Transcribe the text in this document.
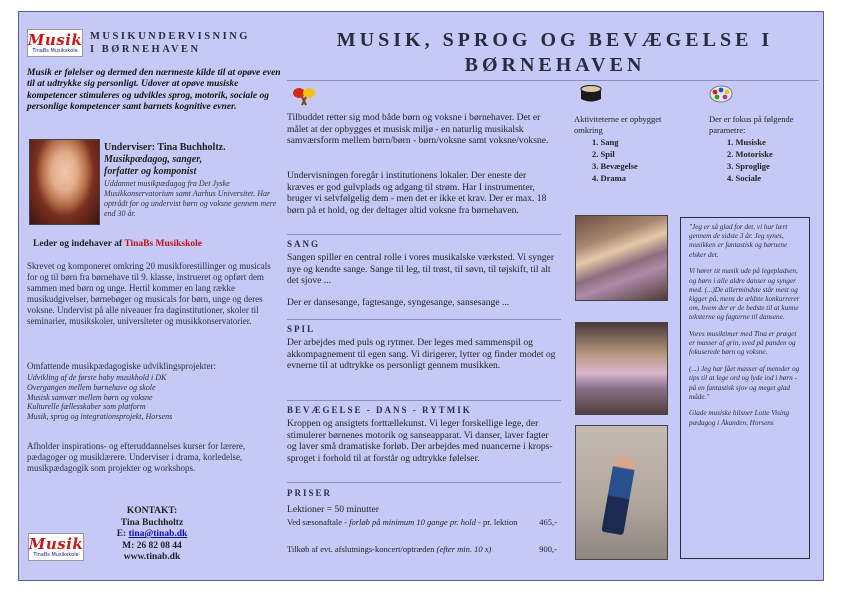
Musik
TinaBs Musikskole
MUSIKUNDERVISNING
I BØRNEHAVEN
Musik er følelser og dermed den nærmeste kilde til at opøve even til at udtrykke sig personligt. Udover at opøve musiske kompetencer stimuleres og udvikles sprog, motorik, sociale og personlige kompetencer samt barnets kognitive evner.
Underviser: Tina Buchholtz.
Musikpædagog, sanger,
forfatter og komponist
Uddannet musikpædagog fra Det Jyske Musikkonservatorium samt Aarhus Universitet. Har optrådt for og undervist børn og voksne gennem mere end 30 år.
Leder og indehaver af TinaBs Musikskole
Skrevet og komponeret omkring 20 musikforestillinger og musicals for og til børn fra børnehave til 9. klasse, instrueret og opført dem sammen med børn og unge. Hertil kommer en lang række musikudgivelser, børnebøger og musicals for børn, unge og deres voksne. Undervist på alle niveauer fra daginstitutioner, skoler til seminarier, musikskoler, universiteter og musikkonservatorier.
Omfattende musikpædagogiske udviklingsprojekter:
Udvikling af de første baby musikhold i DK
Overgangen mellem børnehave og skole
Musisk samvær mellem børn og voksne
Kulturelle fællesskaber som platform
Musik, sprog og integrationsprojekt, Horsens
Afholder inspirations- og efteruddannelses kurser for lærere, pædagoger og musiklærere. Underviser i drama, korledelse, musikpædagogik som projekter og workshops.
Musik
TinaBs Musikskole
KONTAKT:
Tina Buchholtz
E: tina@tinab.dk
M: 26 82 08 44
www.tinab.dk
MUSIK, SPROG OG BEVÆGELSE I
BØRNEHAVEN
Tilbuddet retter sig mod både børn og voksne i børnehaver. Det er målet at der opbygges et musisk miljø - en naturlig musikalsk samværsform mellem børn/børn - børn/voksne samt voksne/voksne.
Undervisningen foregår i institutionens lokaler. Der eneste der kræves er god gulvplads og adgang til strøm. Har I instrumenter, bruger vi selvfølgelig dem - men det er ikke et krav. Der er max. 18 børn på et hold, og der deltager altid voksne fra børnehaven.
SANG
Sangen spiller en central rolle i vores musikalske værksted. Vi synger nye og kendte sange. Sange til leg, til trøst, til søvn, til tøjskift, til alt det sjove ...
Der er dansesange, fagtesange, syngesange, sansesange ...
SPIL
Der arbejdes med puls og rytmer. Der leges med sammenspil og akkompagnement til egen sang. Vi dirigerer, lytter og finder modet og evnerne til at udtrykke os personligt gennem musikken.
BEVÆGELSE - DANS - RYTMIK
Kroppen og ansigtets forttællekunst. Vi leger forskellige lege, der stimulerer børnenes motorik og sanseapparat. Vi danser, laver fagter og laver små dramatiske forløb. Der arbejdes med nuancerne i krops-sproget i forhold til at forstår og udtrykke følelser.
PRISER
Lektioner = 50 minutter
Ved sæsonaftale - forløb på minimum 10 gange pr. hold - pr. lektion	465,-
Tilkøb af evt. afslutnings-koncert/optræden (efter min. 10 x)	900,-
Aktiviteterne er opbygget omkring
1. Sang
2. Spil
3. Bevægelse
4. Drama
Der er fokus på følgende parametre:
1. Musiske
2. Motoriske
3. Sproglige
4. Sociale

"Jeg er så glad for det, vi har lært gennem de sidste 3 år. Jeg synes, musikken er fantastisk og børnene elsker det.

Vi hører tit musik ude på legepladsen, og børn i alle aldre danser og synger med. (...)De allermindste står mest og kigger på, mens de ældste konkurrerer om, hvem der er de bedste til at kunne teksterne og fagterne til dansene.

Vores musiktimer med Tina er præget er masser af grin, sved på panden og fokuserede børn og voksne.

(...) Jeg har fået masser af metoder og tips til at lege ord og lyde ind i børn - på en fantastisk sjov og meget glad måde."

Glade musiske hilsner Lotte Vising pædagog i Åkanden, Horsens
